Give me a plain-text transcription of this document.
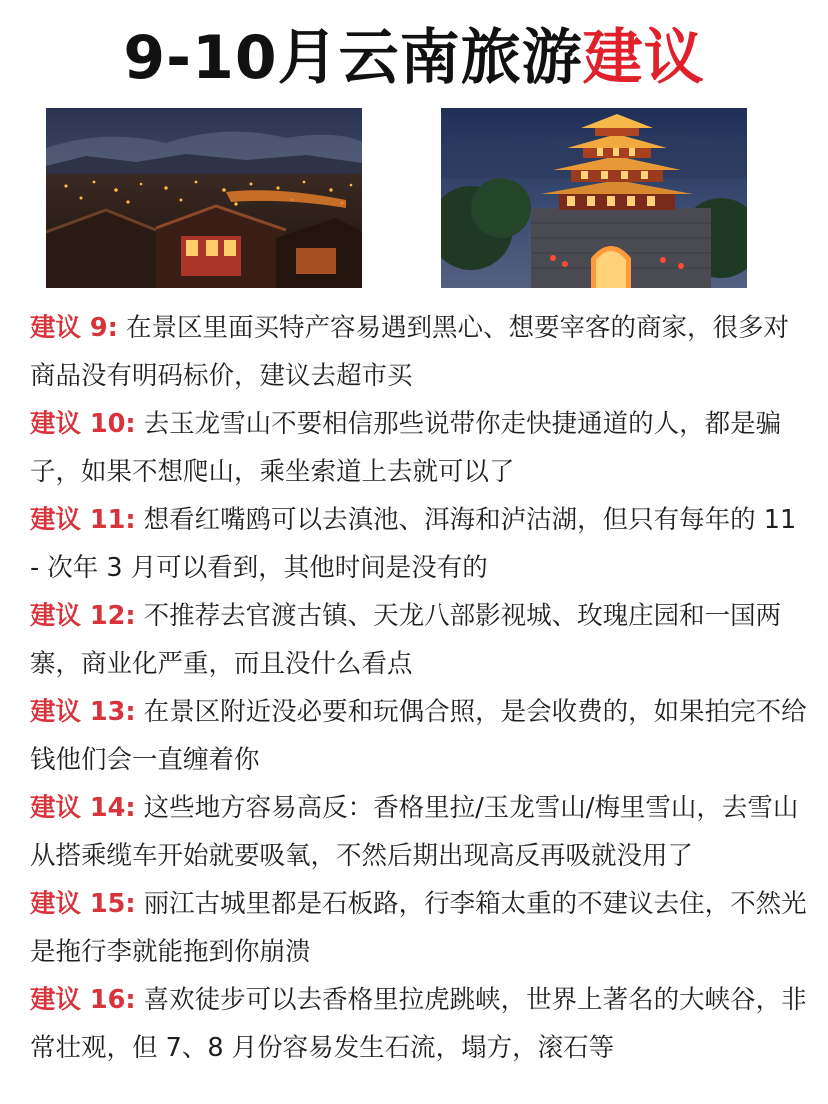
9-10月云南旅游建议

建议 9: 在景区里面买特产容易遇到黑心、想要宰客的商家，很多对商品没有明码标价，建议去超市买

建议 10: 去玉龙雪山不要相信那些说带你走快捷通道的人，都是骗子，如果不想爬山，乘坐索道上去就可以了

建议 11: 想看红嘴鸥可以去滇池、洱海和泸沽湖，但只有每年的 11 - 次年 3 月可以看到，其他时间是没有的

建议 12: 不推荐去官渡古镇、天龙八部影视城、玫瑰庄园和一国两寨，商业化严重，而且没什么看点

建议 13: 在景区附近没必要和玩偶合照，是会收费的，如果拍完不给钱他们会一直缠着你

建议 14: 这些地方容易高反：香格里拉/玉龙雪山/梅里雪山，去雪山从搭乘缆车开始就要吸氧，不然后期出现高反再吸就没用了

建议 15: 丽江古城里都是石板路，行李箱太重的不建议去住，不然光是拖行李就能拖到你崩溃

建议 16: 喜欢徒步可以去香格里拉虎跳峡，世界上著名的大峡谷，非常壮观，但 7、8 月份容易发生石流，塌方，滚石等
